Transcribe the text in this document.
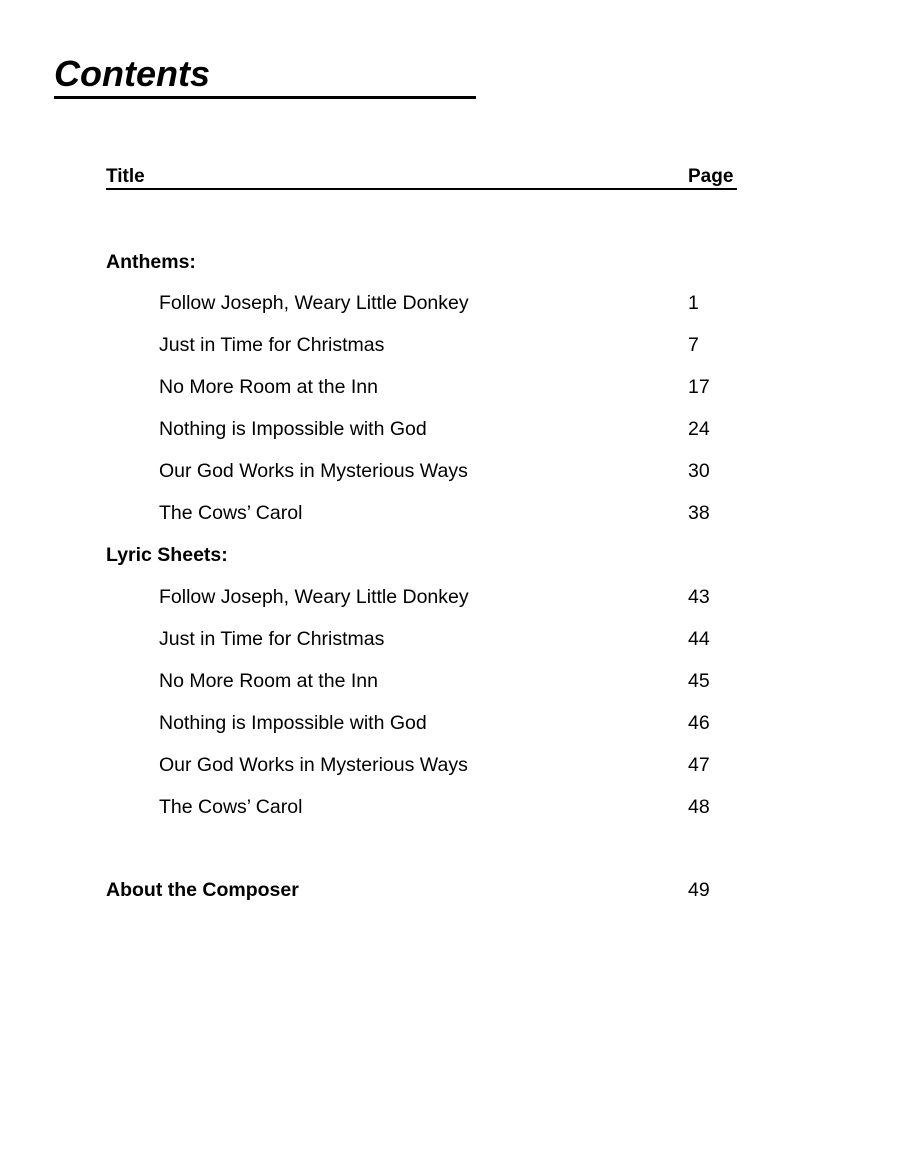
Contents
Title	Page
Anthems:
Follow Joseph, Weary Little Donkey	1
Just in Time for Christmas	7
No More Room at the Inn	17
Nothing is Impossible with God	24
Our God Works in Mysterious Ways	30
The Cows’ Carol	38
Lyric Sheets:
Follow Joseph, Weary Little Donkey	43
Just in Time for Christmas	44
No More Room at the Inn	45
Nothing is Impossible with God	46
Our God Works in Mysterious Ways	47
The Cows’ Carol	48
About the Composer	49
